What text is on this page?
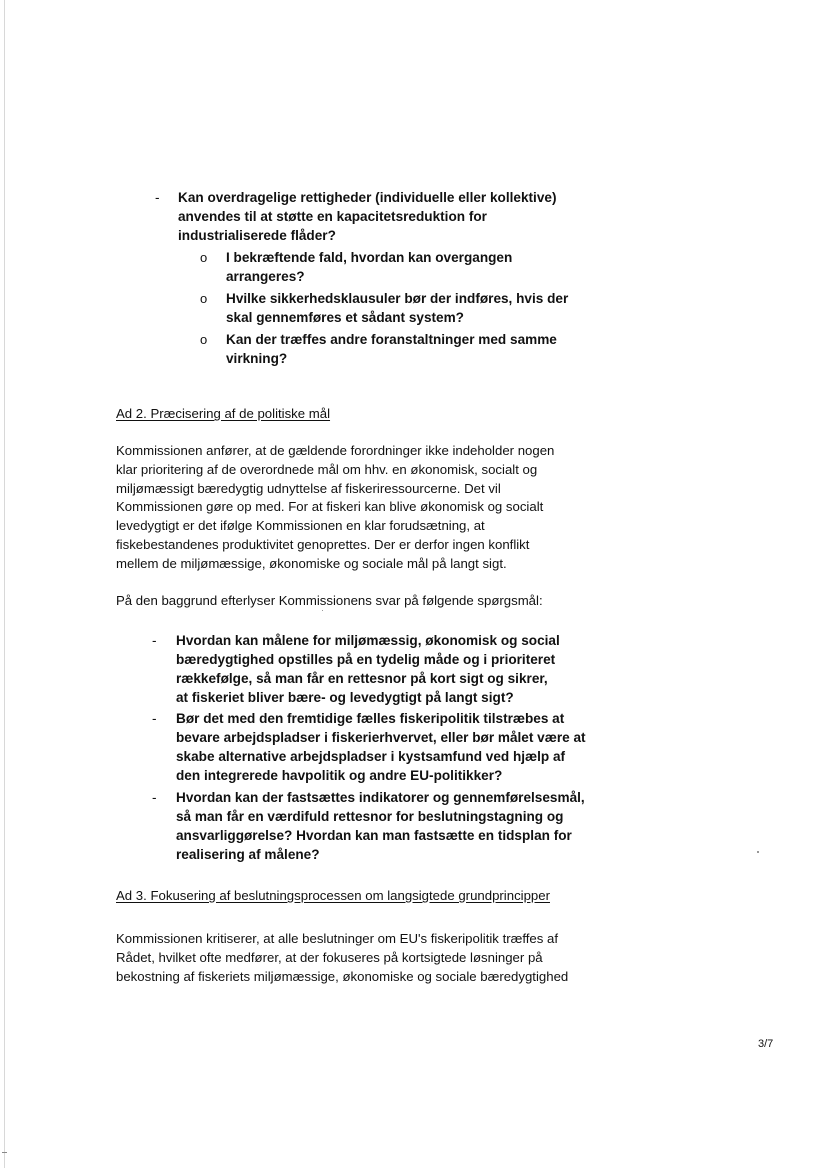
- Kan overdragelige rettigheder (individuelle eller kollektive) anvendes til at støtte en kapacitetsreduktion for industrialiserede flåder?
o I bekræftende fald, hvordan kan overgangen arrangeres?
o Hvilke sikkerhedsklausuler bør der indføres, hvis der skal gennemføres et sådant system?
o Kan der træffes andre foranstaltninger med samme virkning?
Ad 2. Præcisering af de politiske mål
Kommissionen anfører, at de gældende forordninger ikke indeholder nogen klar prioritering af de overordnede mål om hhv. en økonomisk, socialt og miljømæssigt bæredygtig udnyttelse af fiskeriressourcerne. Det vil Kommissionen gøre op med. For at fiskeri kan blive økonomisk og socialt levedygtigt er det ifølge Kommissionen en klar forudsætning, at fiskebestandenes produktivitet genoprettes. Der er derfor ingen konflikt mellem de miljømæssige, økonomiske og sociale mål på langt sigt.
På den baggrund efterlyser Kommissionens svar på følgende spørgsmål:
- Hvordan kan målene for miljømæssig, økonomisk og social bæredygtighed opstilles på en tydelig måde og i prioriteret rækkefølge, så man får en rettesnor på kort sigt og sikrer, at fiskeriet bliver bære- og levedygtigt på langt sigt?
- Bør det med den fremtidige fælles fiskeripolitik tilstræbes at bevare arbejdspladser i fiskerierhvervet, eller bør målet være at skabe alternative arbejdspladser i kystsamfund ved hjælp af den integrerede havpolitik og andre EU-politikker?
- Hvordan kan der fastsættes indikatorer og gennemførelsesmål, så man får en værdifuld rettesnor for beslutningstagning og ansvarliggørelse? Hvordan kan man fastsætte en tidsplan for realisering af målene?
Ad 3. Fokusering af beslutningsprocessen om langsigtede grundprincipper
Kommissionen kritiserer, at alle beslutninger om EU's fiskeripolitik træffes af Rådet, hvilket ofte medfører, at der fokuseres på kortsigtede løsninger på bekostning af fiskeriets miljømæssige, økonomiske og sociale bæredygtighed
3/7
